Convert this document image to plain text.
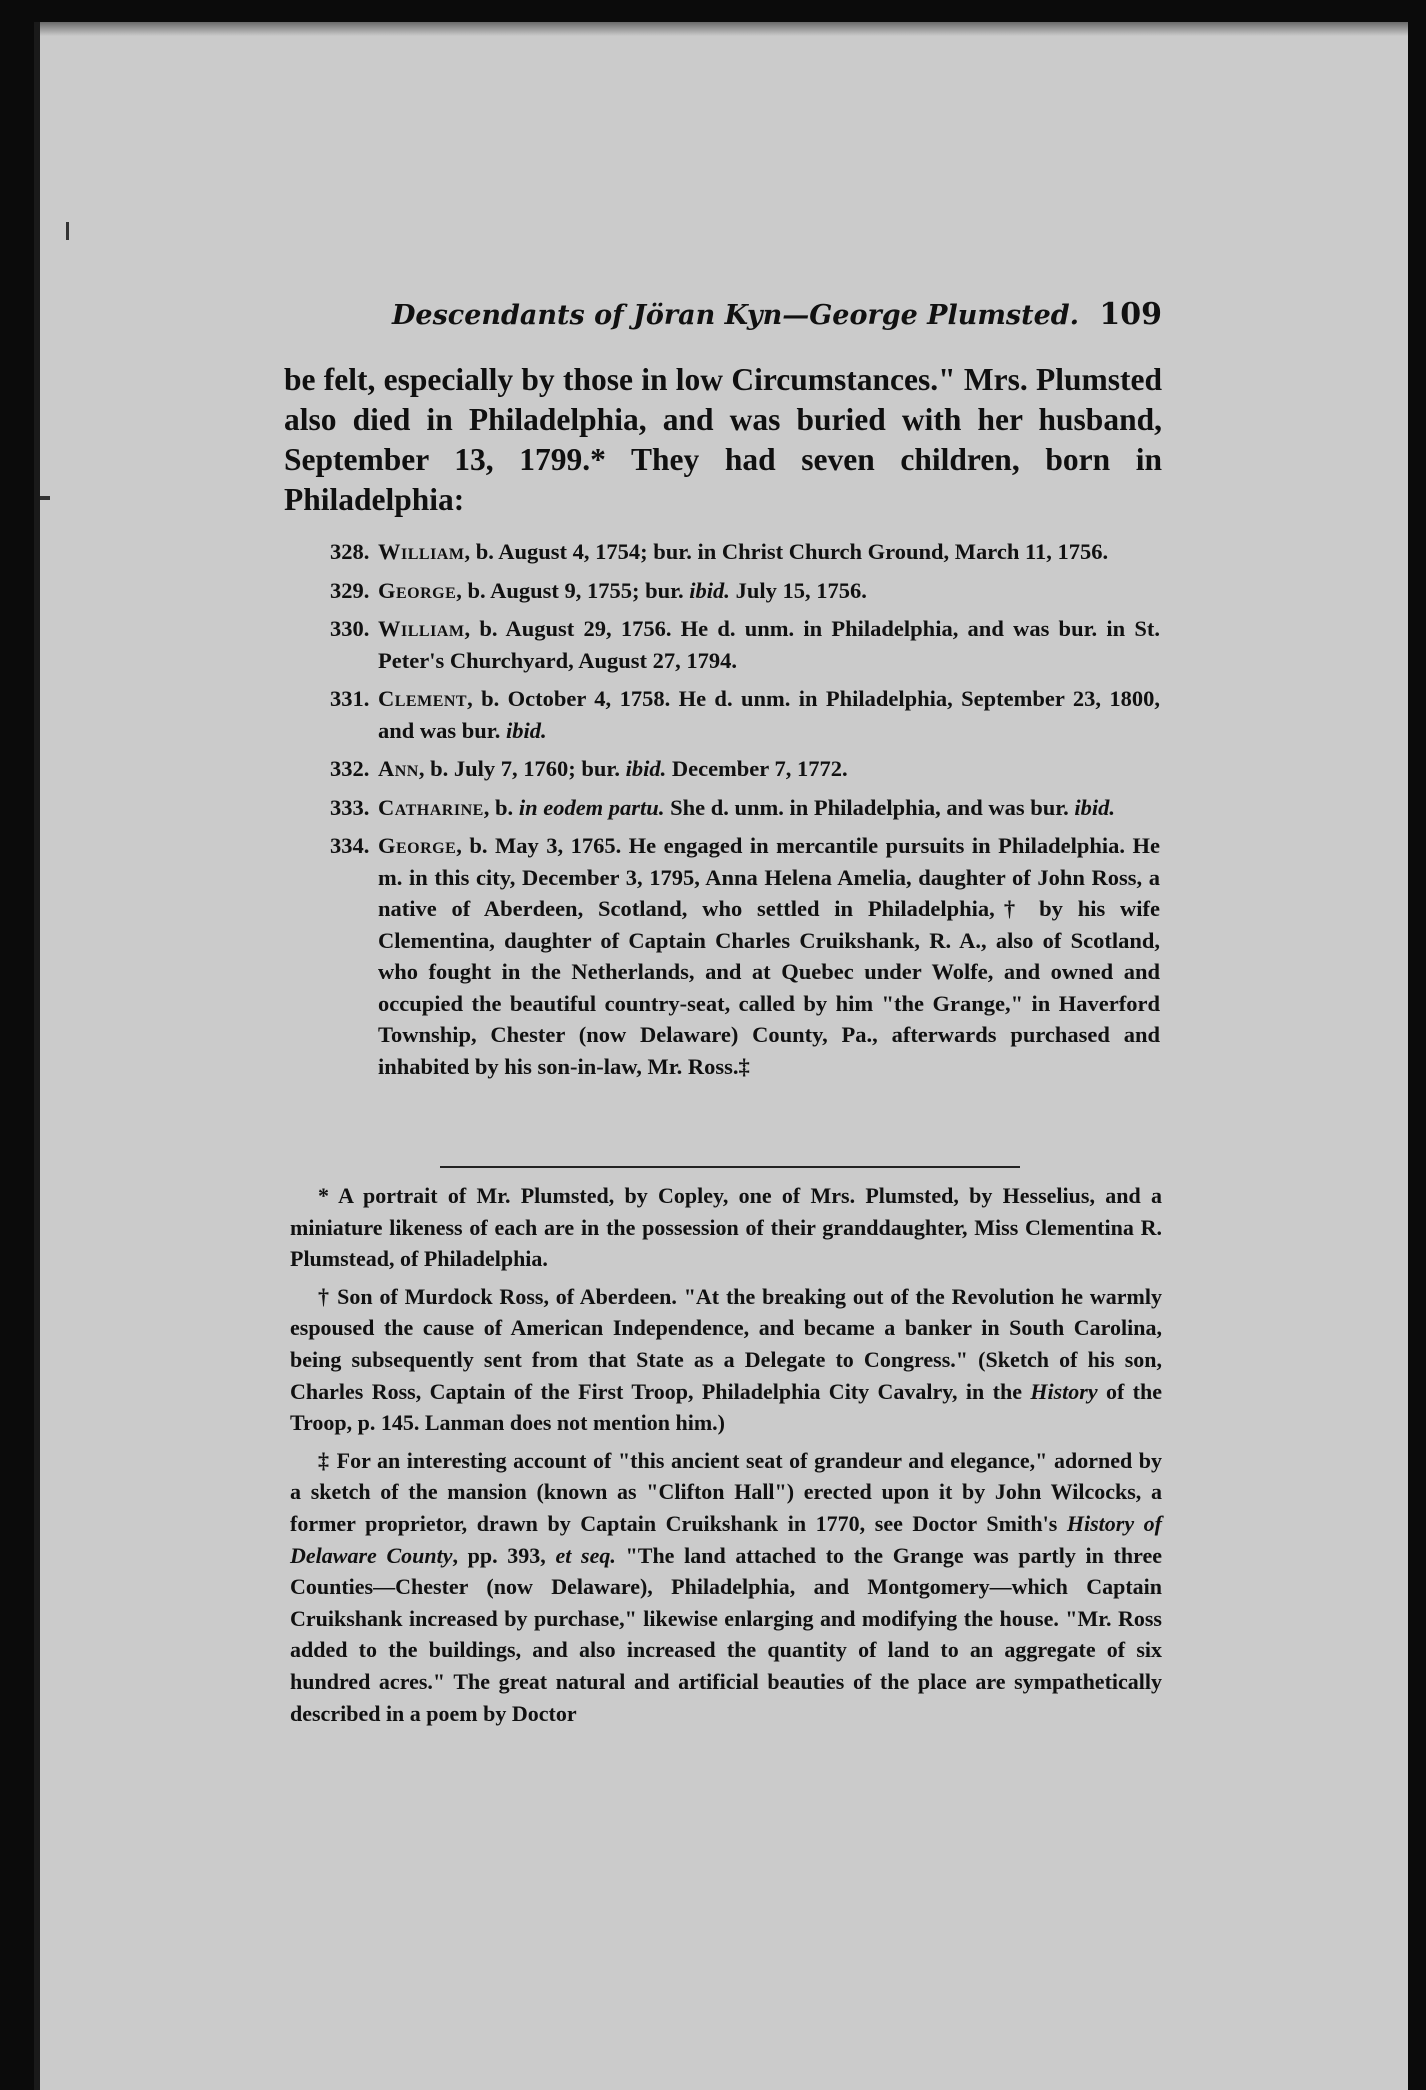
Descendants of Jöran Kyn—George Plumsted. 109

be felt, especially by those in low Circumstances." Mrs. Plumsted also died in Philadelphia, and was buried with her husband, September 13, 1799.* They had seven children, born in Philadelphia:

328. William, b. August 4, 1754; bur. in Christ Church Ground, March 11, 1756.
329. George, b. August 9, 1755; bur. ibid. July 15, 1756.
330. William, b. August 29, 1756. He d. unm. in Philadelphia, and was bur. in St. Peter's Churchyard, August 27, 1794.
331. Clement, b. October 4, 1758. He d. unm. in Philadelphia, September 23, 1800, and was bur. ibid.
332. Ann, b. July 7, 1760; bur. ibid. December 7, 1772.
333. Catharine, b. in eodem partu. She d. unm. in Philadelphia, and was bur. ibid.
334. George, b. May 3, 1765. He engaged in mercantile pursuits in Philadelphia. He m. in this city, December 3, 1795, Anna Helena Amelia, daughter of John Ross, a native of Aberdeen, Scotland, who settled in Philadelphia,† by his wife Clementina, daughter of Captain Charles Cruikshank, R. A., also of Scotland, who fought in the Netherlands, and at Quebec under Wolfe, and owned and occupied the beautiful country-seat, called by him "the Grange," in Haverford Township, Chester (now Delaware) County, Pa., afterwards purchased and inhabited by his son-in-law, Mr. Ross.‡

* A portrait of Mr. Plumsted, by Copley, one of Mrs. Plumsted, by Hesselius, and a miniature likeness of each are in the possession of their granddaughter, Miss Clementina R. Plumstead, of Philadelphia.

† Son of Murdock Ross, of Aberdeen. "At the breaking out of the Revolution he warmly espoused the cause of American Independence, and became a banker in South Carolina, being subsequently sent from that State as a Delegate to Congress." (Sketch of his son, Charles Ross, Captain of the First Troop, Philadelphia City Cavalry, in the History of the Troop, p. 145. Lanman does not mention him.)

‡ For an interesting account of "this ancient seat of grandeur and elegance," adorned by a sketch of the mansion (known as "Clifton Hall") erected upon it by John Wilcocks, a former proprietor, drawn by Captain Cruikshank in 1770, see Doctor Smith's History of Delaware County, pp. 393, et seq. "The land attached to the Grange was partly in three Counties—Chester (now Delaware), Philadelphia, and Montgomery—which Captain Cruikshank increased by purchase," likewise enlarging and modifying the house. "Mr. Ross added to the buildings, and also increased the quantity of land to an aggregate of six hundred acres." The great natural and artificial beauties of the place are sympathetically described in a poem by Doctor
